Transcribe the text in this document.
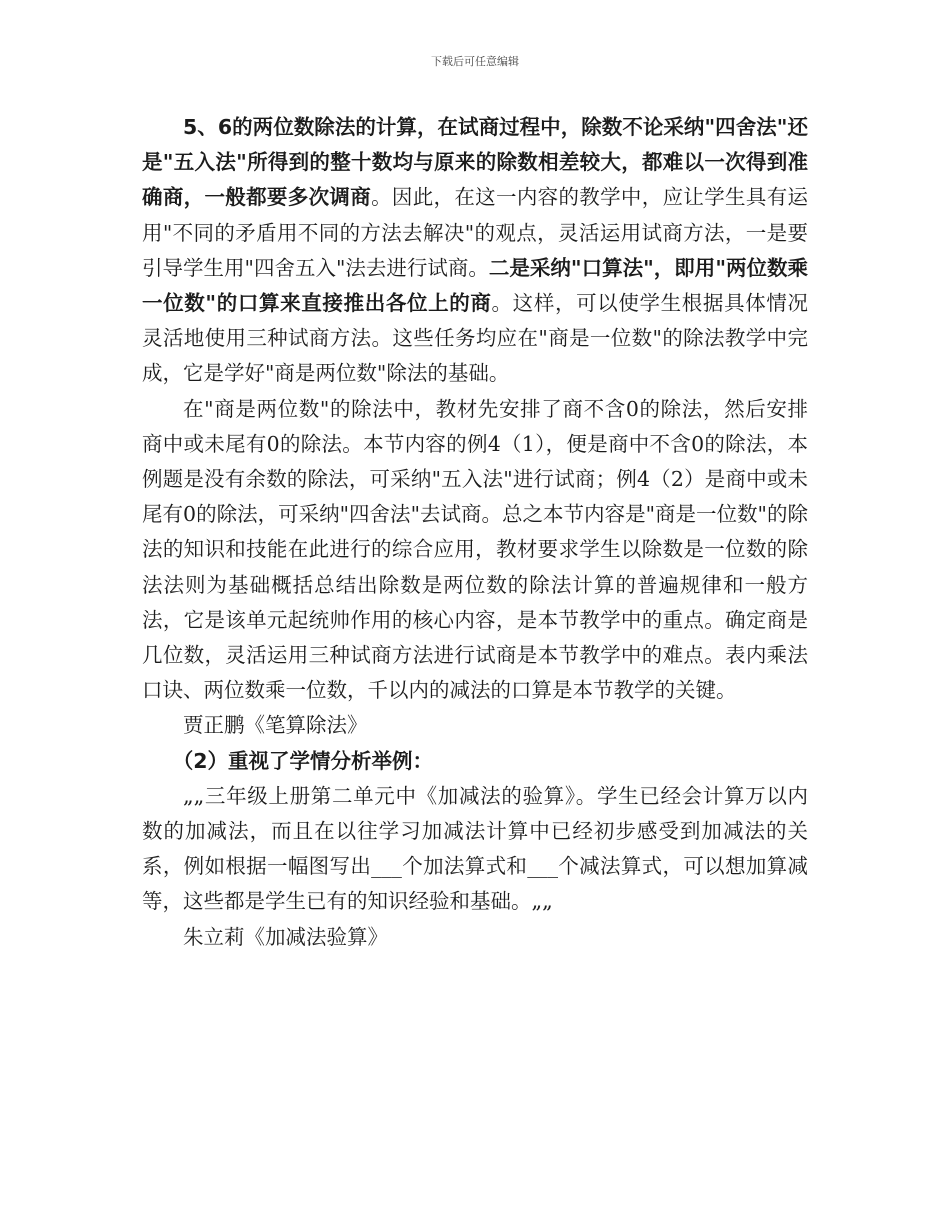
下载后可任意编辑

5、6的两位数除法的计算，在试商过程中，除数不论采纳"四舍法"还是"五入法"所得到的整十数均与原来的除数相差较大，都难以一次得到准确商，一般都要多次调商。因此，在这一内容的教学中，应让学生具有运用"不同的矛盾用不同的方法去解决"的观点，灵活运用试商方法，一是要引导学生用"四舍五入"法去进行试商。二是采纳"口算法"，即用"两位数乘一位数"的口算来直接推出各位上的商。这样，可以使学生根据具体情况灵活地使用三种试商方法。这些任务均应在"商是一位数"的除法教学中完成，它是学好"商是两位数"除法的基础。

在"商是两位数"的除法中，教材先安排了商不含0的除法，然后安排商中或未尾有0的除法。本节内容的例4（1），便是商中不含0的除法，本例题是没有余数的除法，可采纳"五入法"进行试商；例4（2）是商中或未尾有0的除法，可采纳"四舍法"去试商。总之本节内容是"商是一位数"的除法的知识和技能在此进行的综合应用，教材要求学生以除数是一位数的除法法则为基础概括总结出除数是两位数的除法计算的普遍规律和一般方法，它是该单元起统帅作用的核心内容，是本节教学中的重点。确定商是几位数，灵活运用三种试商方法进行试商是本节教学中的难点。表内乘法口诀、两位数乘一位数，千以内的减法的口算是本节教学的关键。

贾正鹏《笔算除法》

（2）重视了学情分析举例：

„„三年级上册第二单元中《加减法的验算》。学生已经会计算万以内数的加减法，而且在以往学习加减法计算中已经初步感受到加减法的关系，例如根据一幅图写出___个加法算式和___个减法算式，可以想加算减等，这些都是学生已有的知识经验和基础。„„

朱立莉《加减法验算》
